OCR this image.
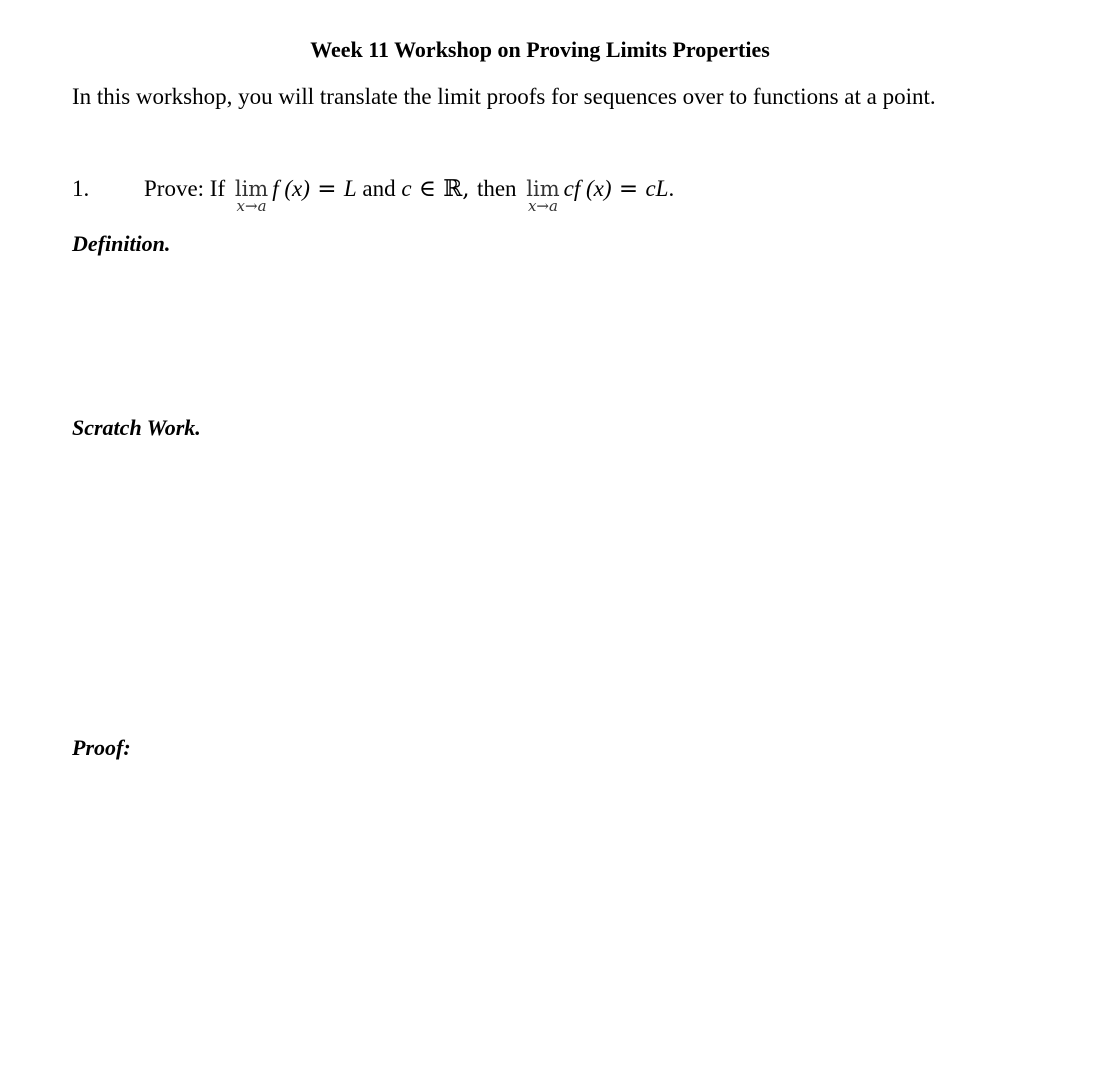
Week 11 Workshop on Proving Limits Properties
In this workshop, you will translate the limit proofs for sequences over to functions at a point.
1. Prove: If lim
x→a
f (x) = L and c ∈ ℝ, then lim
x→a
cf (x) = cL .
Definition.
Scratch Work.
Proof:
